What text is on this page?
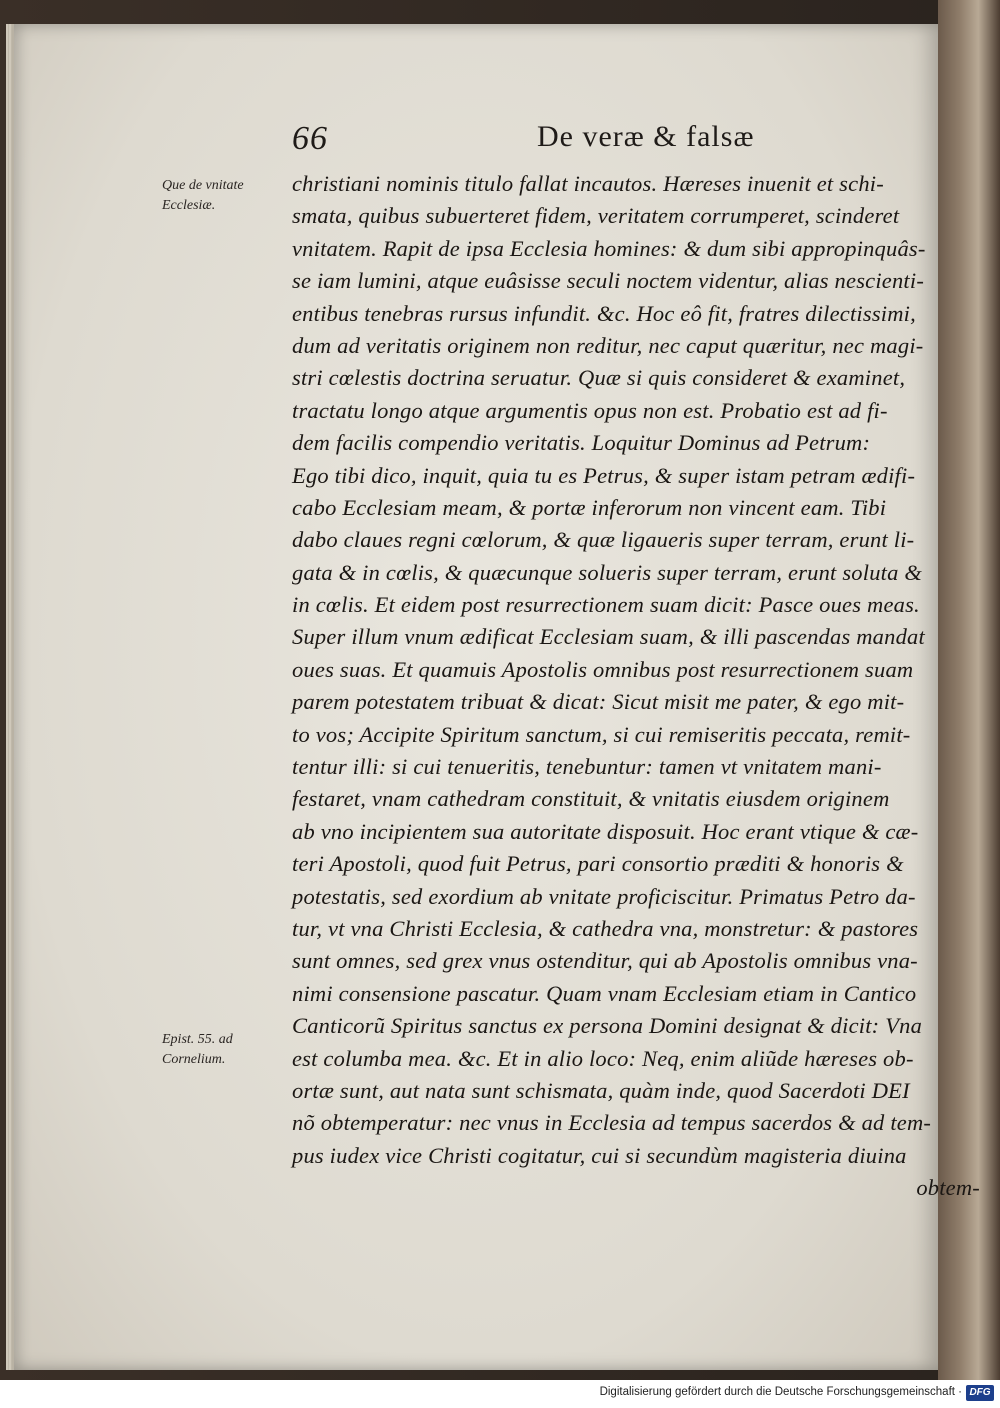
66	De veræ & falsæ
Que de vnitate
Ecclesiæ.
Epist. 55. ad
Cornelium.
christiani nominis titulo fallat incautos. Hæreses inuenit et schi-
smata, quibus subuerteret fidem, veritatem corrumperet, scinderet
vnitatem. Rapit de ipsa Ecclesia homines: & dum sibi appropinquâs-
se iam lumini, atque euâsisse seculi noctem videntur, alias nescienti-
entibus tenebras rursus infundit. &c. Hoc eô fit, fratres dilectissimi,
dum ad veritatis originem non reditur, nec caput quæritur, nec magi-
stri cœlestis doctrina seruatur. Quæ si quis consideret & examinet,
tractatu longo atque argumentis opus non est. Probatio est ad fi-
dem facilis compendio veritatis. Loquitur Dominus ad Petrum:
Ego tibi dico, inquit, quia tu es Petrus, & super istam petram ædifi-
cabo Ecclesiam meam, & portæ inferorum non vincent eam. Tibi
dabo claues regni cœlorum, & quæ ligaueris super terram, erunt li-
gata & in cœlis, & quæcunque solueris super terram, erunt soluta &
in cœlis. Et eidem post resurrectionem suam dicit: Pasce oues meas.
Super illum vnum ædificat Ecclesiam suam, & illi pascendas mandat
oues suas. Et quamuis Apostolis omnibus post resurrectionem suam
parem potestatem tribuat & dicat: Sicut misit me pater, & ego mit-
to vos; Accipite Spiritum sanctum, si cui remiseritis peccata, remit-
tentur illi: si cui tenueritis, tenebuntur: tamen vt vnitatem mani-
festaret, vnam cathedram constituit, & vnitatis eiusdem originem
ab vno incipientem sua autoritate disposuit. Hoc erant vtique & cæ-
teri Apostoli, quod fuit Petrus, pari consortio præditi & honoris &
potestatis, sed exordium ab vnitate proficiscitur. Primatus Petro da-
tur, vt vna Christi Ecclesia, & cathedra vna, monstretur: & pastores
sunt omnes, sed grex vnus ostenditur, qui ab Apostolis omnibus vna-
nimi consensione pascatur. Quam vnam Ecclesiam etiam in Cantico
Canticorũ Spiritus sanctus ex persona Domini designat & dicit: Vna
est columba mea. &c. Et in alio loco: Neq, enim aliũde hæreses ob-
ortæ sunt, aut nata sunt schismata, quàm inde, quod Sacerdoti DEI
nõ obtemperatur: nec vnus in Ecclesia ad tempus sacerdos & ad tem-
pus iudex vice Christi cogitatur, cui si secundùm magisteria diuina
obtem-
Digitalisierung gefördert durch die Deutsche Forschungsgemeinschaft · DFG
